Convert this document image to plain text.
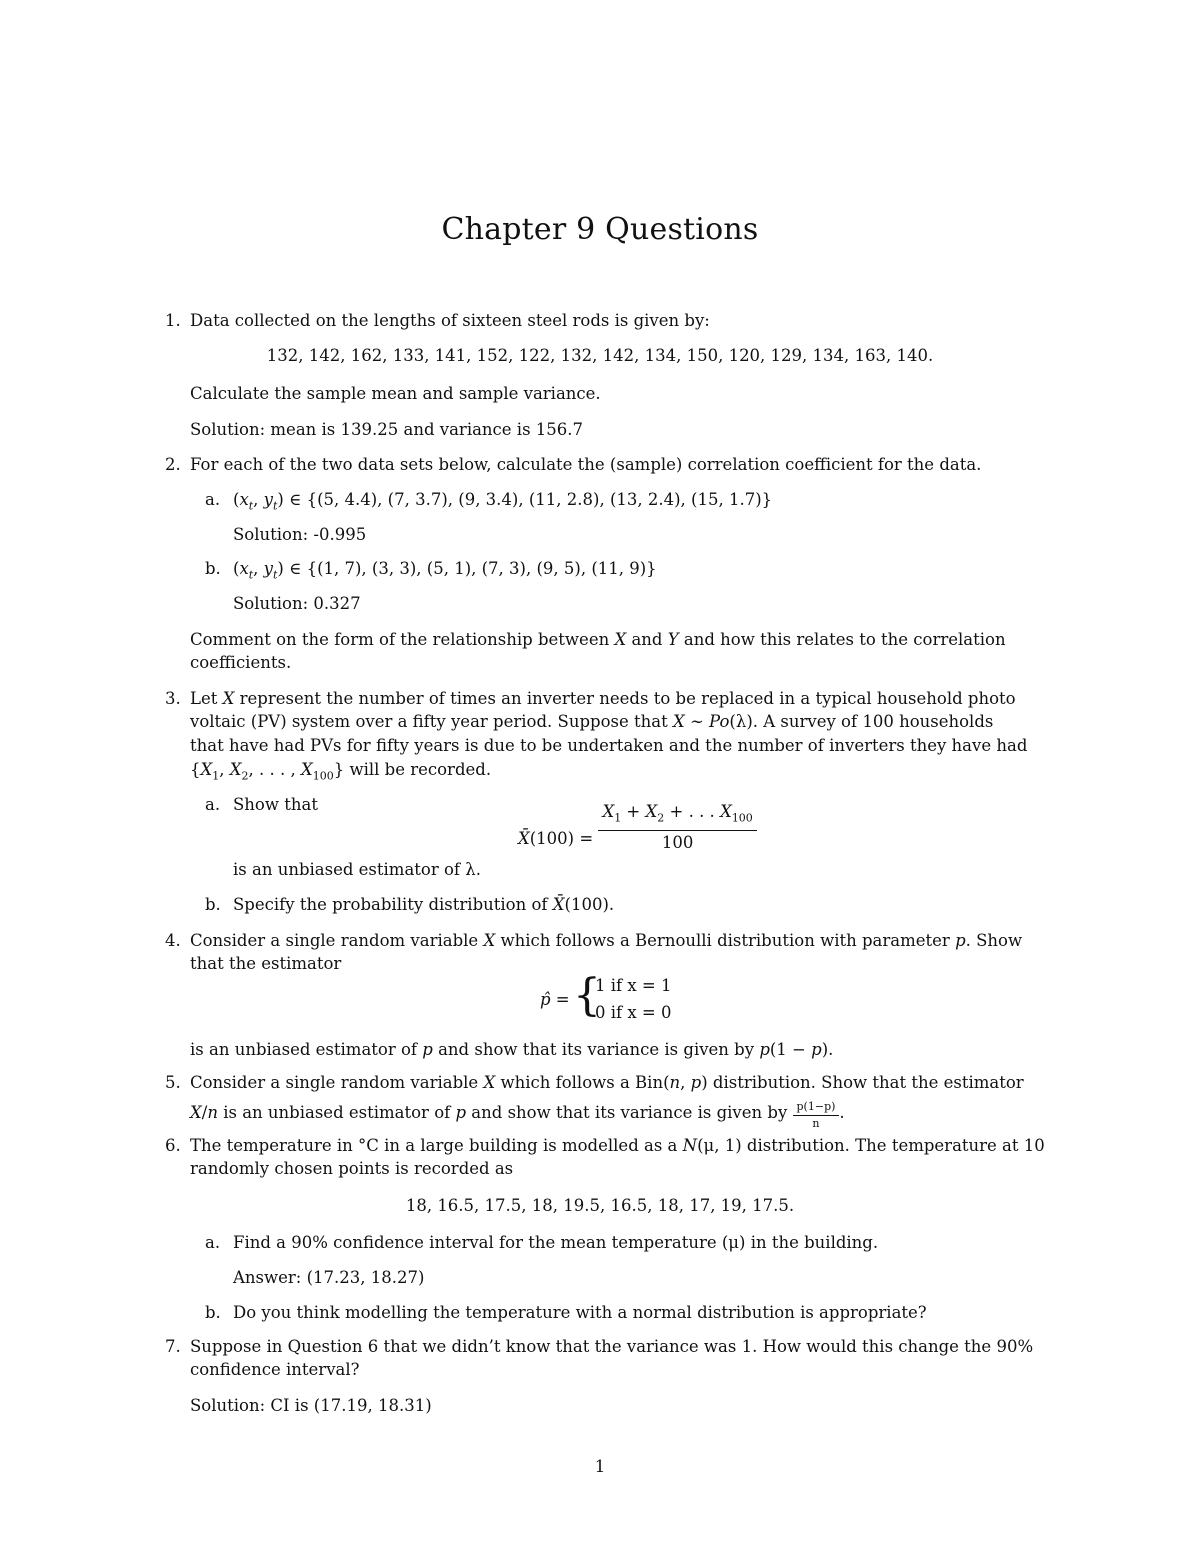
Chapter 9 Questions
1. Data collected on the lengths of sixteen steel rods is given by:
132, 142, 162, 133, 141, 152, 122, 132, 142, 134, 150, 120, 129, 134, 163, 140.
Calculate the sample mean and sample variance.
Solution: mean is 139.25 and variance is 156.7
2. For each of the two data sets below, calculate the (sample) correlation coefficient for the data.
a. ($x_t$, $y_t$) ∈ {(5, 4.4), (7, 3.7), (9, 3.4), (11, 2.8), (13, 2.4), (15, 1.7)}
Solution: -0.995
b. ($x_t$, $y_t$) ∈ {(1, 7), (3, 3), (5, 1), (7, 3), (9, 5), (11, 9)}
Solution: 0.327
Comment on the form of the relationship between X and Y and how this relates to the correlation
coefficients.
3. Let X represent the number of times an inverter needs to be replaced in a typical household photo
voltaic (PV) system over a fifty year period. Suppose that X ∼ Po(λ). A survey of 100 households
that have had PVs for fifty years is due to be undertaken and the number of inverters they have had
{$X_1$, $X_2$, . . . , $X_{100}$} will be recorded.
a. Show that
X̄(100) = $\frac{X_1 + X_2 + . . . X_{100}}{100}$
is an unbiased estimator of λ.
b. Specify the probability distribution of X̄(100).
4. Consider a single random variable X which follows a Bernoulli distribution with parameter p. Show
that the estimator
p̂ = {
1 if x = 1
0 if x = 0
is an unbiased estimator of p and show that its variance is given by p(1 − p).
5. Consider a single random variable X which follows a Bin(n, p) distribution. Show that the estimator
X/n is an unbiased estimator of p and show that its variance is given by $\frac{p(1-p)}{n}$ .
6. The temperature in °C in a large building is modelled as a N(μ, 1) distribution. The temperature at 10
randomly chosen points is recorded as
18, 16.5, 17.5, 18, 19.5, 16.5, 18, 17, 19, 17.5.
a. Find a 90% confidence interval for the mean temperature (μ) in the building.
Answer: (17.23, 18.27)
b. Do you think modelling the temperature with a normal distribution is appropriate?
7. Suppose in Question 6 that we didn’t know that the variance was 1. How would this change the 90%
confidence interval?
Solution: CI is (17.19, 18.31)
1
